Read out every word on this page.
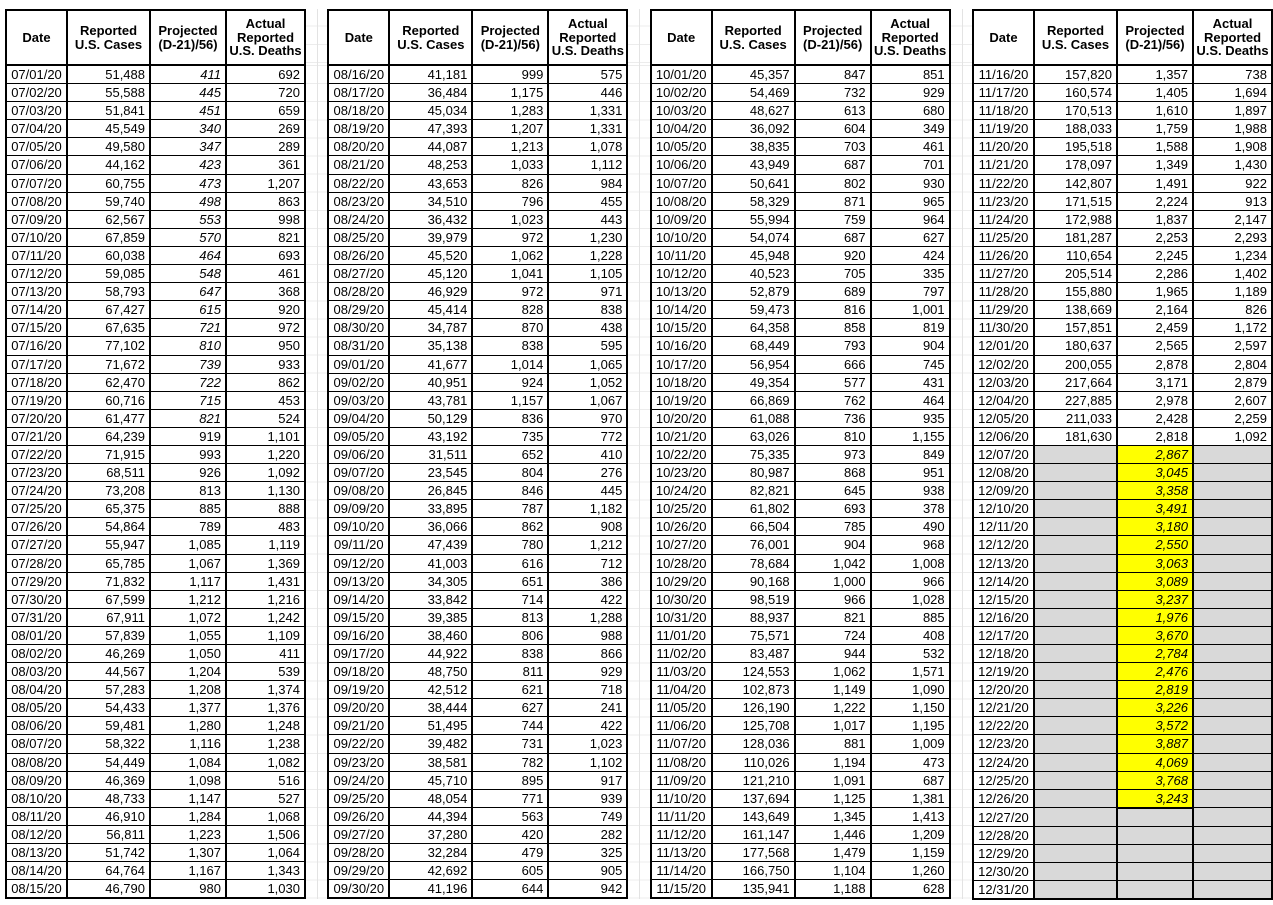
Date	Reported U.S. Cases	Projected (D-21)/56)	Actual Reported U.S. Deaths
07/01/20	51,488	411	692
07/02/20	55,588	445	720
07/03/20	51,841	451	659
07/04/20	45,549	340	269
07/05/20	49,580	347	289
07/06/20	44,162	423	361
07/07/20	60,755	473	1,207
07/08/20	59,740	498	863
07/09/20	62,567	553	998
07/10/20	67,859	570	821
07/11/20	60,038	464	693
07/12/20	59,085	548	461
07/13/20	58,793	647	368
07/14/20	67,427	615	920
07/15/20	67,635	721	972
07/16/20	77,102	810	950
07/17/20	71,672	739	933
07/18/20	62,470	722	862
07/19/20	60,716	715	453
07/20/20	61,477	821	524
07/21/20	64,239	919	1,101
07/22/20	71,915	993	1,220
07/23/20	68,511	926	1,092
07/24/20	73,208	813	1,130
07/25/20	65,375	885	888
07/26/20	54,864	789	483
07/27/20	55,947	1,085	1,119
07/28/20	65,785	1,067	1,369
07/29/20	71,832	1,117	1,431
07/30/20	67,599	1,212	1,216
07/31/20	67,911	1,072	1,242
08/01/20	57,839	1,055	1,109
08/02/20	46,269	1,050	411
08/03/20	44,567	1,204	539
08/04/20	57,283	1,208	1,374
08/05/20	54,433	1,377	1,376
08/06/20	59,481	1,280	1,248
08/07/20	58,322	1,116	1,238
08/08/20	54,449	1,084	1,082
08/09/20	46,369	1,098	516
08/10/20	48,733	1,147	527
08/11/20	46,910	1,284	1,068
08/12/20	56,811	1,223	1,506
08/13/20	51,742	1,307	1,064
08/14/20	64,764	1,167	1,343
08/15/20	46,790	980	1,030
Date	Reported U.S. Cases	Projected (D-21)/56)	Actual Reported U.S. Deaths
08/16/20	41,181	999	575
08/17/20	36,484	1,175	446
08/18/20	45,034	1,283	1,331
08/19/20	47,393	1,207	1,331
08/20/20	44,087	1,213	1,078
08/21/20	48,253	1,033	1,112
08/22/20	43,653	826	984
08/23/20	34,510	796	455
08/24/20	36,432	1,023	443
08/25/20	39,979	972	1,230
08/26/20	45,520	1,062	1,228
08/27/20	45,120	1,041	1,105
08/28/20	46,929	972	971
08/29/20	45,414	828	838
08/30/20	34,787	870	438
08/31/20	35,138	838	595
09/01/20	41,677	1,014	1,065
09/02/20	40,951	924	1,052
09/03/20	43,781	1,157	1,067
09/04/20	50,129	836	970
09/05/20	43,192	735	772
09/06/20	31,511	652	410
09/07/20	23,545	804	276
09/08/20	26,845	846	445
09/09/20	33,895	787	1,182
09/10/20	36,066	862	908
09/11/20	47,439	780	1,212
09/12/20	41,003	616	712
09/13/20	34,305	651	386
09/14/20	33,842	714	422
09/15/20	39,385	813	1,288
09/16/20	38,460	806	988
09/17/20	44,922	838	866
09/18/20	48,750	811	929
09/19/20	42,512	621	718
09/20/20	38,444	627	241
09/21/20	51,495	744	422
09/22/20	39,482	731	1,023
09/23/20	38,581	782	1,102
09/24/20	45,710	895	917
09/25/20	48,054	771	939
09/26/20	44,394	563	749
09/27/20	37,280	420	282
09/28/20	32,284	479	325
09/29/20	42,692	605	905
09/30/20	41,196	644	942
Date	Reported U.S. Cases	Projected (D-21)/56)	Actual Reported U.S. Deaths
10/01/20	45,357	847	851
10/02/20	54,469	732	929
10/03/20	48,627	613	680
10/04/20	36,092	604	349
10/05/20	38,835	703	461
10/06/20	43,949	687	701
10/07/20	50,641	802	930
10/08/20	58,329	871	965
10/09/20	55,994	759	964
10/10/20	54,074	687	627
10/11/20	45,948	920	424
10/12/20	40,523	705	335
10/13/20	52,879	689	797
10/14/20	59,473	816	1,001
10/15/20	64,358	858	819
10/16/20	68,449	793	904
10/17/20	56,954	666	745
10/18/20	49,354	577	431
10/19/20	66,869	762	464
10/20/20	61,088	736	935
10/21/20	63,026	810	1,155
10/22/20	75,335	973	849
10/23/20	80,987	868	951
10/24/20	82,821	645	938
10/25/20	61,802	693	378
10/26/20	66,504	785	490
10/27/20	76,001	904	968
10/28/20	78,684	1,042	1,008
10/29/20	90,168	1,000	966
10/30/20	98,519	966	1,028
10/31/20	88,937	821	885
11/01/20	75,571	724	408
11/02/20	83,487	944	532
11/03/20	124,553	1,062	1,571
11/04/20	102,873	1,149	1,090
11/05/20	126,190	1,222	1,150
11/06/20	125,708	1,017	1,195
11/07/20	128,036	881	1,009
11/08/20	110,026	1,194	473
11/09/20	121,210	1,091	687
11/10/20	137,694	1,125	1,381
11/11/20	143,649	1,345	1,413
11/12/20	161,147	1,446	1,209
11/13/20	177,568	1,479	1,159
11/14/20	166,750	1,104	1,260
11/15/20	135,941	1,188	628
Date	Reported U.S. Cases	Projected (D-21)/56)	Actual Reported U.S. Deaths
11/16/20	157,820	1,357	738
11/17/20	160,574	1,405	1,694
11/18/20	170,513	1,610	1,897
11/19/20	188,033	1,759	1,988
11/20/20	195,518	1,588	1,908
11/21/20	178,097	1,349	1,430
11/22/20	142,807	1,491	922
11/23/20	171,515	2,224	913
11/24/20	172,988	1,837	2,147
11/25/20	181,287	2,253	2,293
11/26/20	110,654	2,245	1,234
11/27/20	205,514	2,286	1,402
11/28/20	155,880	1,965	1,189
11/29/20	138,669	2,164	826
11/30/20	157,851	2,459	1,172
12/01/20	180,637	2,565	2,597
12/02/20	200,055	2,878	2,804
12/03/20	217,664	3,171	2,879
12/04/20	227,885	2,978	2,607
12/05/20	211,033	2,428	2,259
12/06/20	181,630	2,818	1,092
12/07/20		2,867	
12/08/20		3,045	
12/09/20		3,358	
12/10/20		3,491	
12/11/20		3,180	
12/12/20		2,550	
12/13/20		3,063	
12/14/20		3,089	
12/15/20		3,237	
12/16/20		1,976	
12/17/20		3,670	
12/18/20		2,784	
12/19/20		2,476	
12/20/20		2,819	
12/21/20		3,226	
12/22/20		3,572	
12/23/20		3,887	
12/24/20		4,069	
12/25/20		3,768	
12/26/20		3,243	
12/27/20			
12/28/20			
12/29/20			
12/30/20			
12/31/20			
